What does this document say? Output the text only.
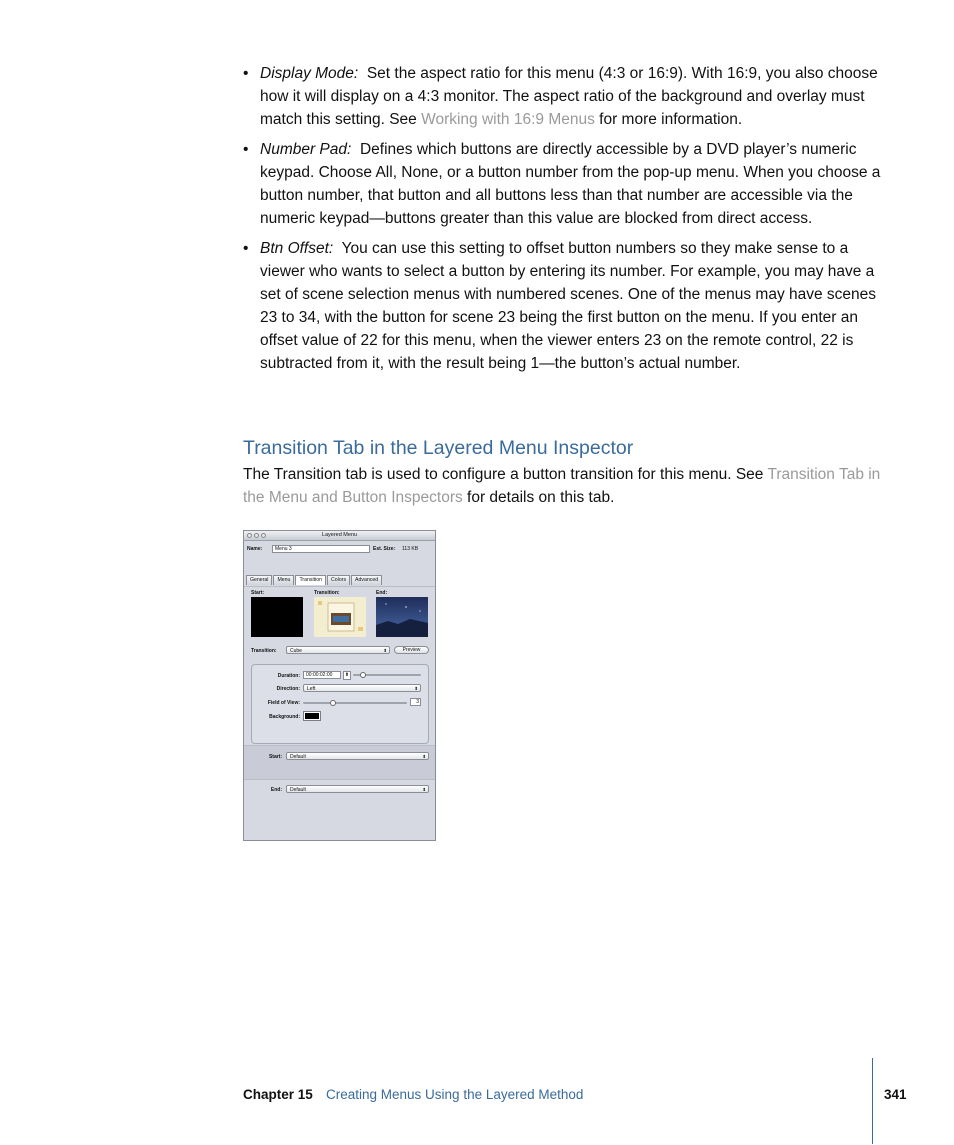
• Display Mode: Set the aspect ratio for this menu (4:3 or 16:9). With 16:9, you also choose how it will display on a 4:3 monitor. The aspect ratio of the background and overlay must match this setting. See Working with 16:9 Menus for more information.
• Number Pad: Defines which buttons are directly accessible by a DVD player’s numeric keypad. Choose All, None, or a button number from the pop-up menu. When you choose a button number, that button and all buttons less than that number are accessible via the numeric keypad—buttons greater than this value are blocked from direct access.
• Btn Offset: You can use this setting to offset button numbers so they make sense to a viewer who wants to select a button by entering its number. For example, you may have a set of scene selection menus with numbered scenes. One of the menus may have scenes 23 to 34, with the button for scene 23 being the first button on the menu. If you enter an offset value of 22 for this menu, when the viewer enters 23 on the remote control, 22 is subtracted from it, with the result being 1—the button’s actual number.
Transition Tab in the Layered Menu Inspector

The Transition tab is used to configure a button transition for this menu. See Transition Tab in the Menu and Button Inspectors for details on this tab.

Layered Menu
Name:	Menu 3	Est. Size: 113 KB
General	Menu	Transition	Colors	Advanced
Start:	Transition:	End:
Transition:	Cube	⬍	Preview
Duration:	00:00:02:00	⬍
Direction:	Left	⬍
Field of View:	3
Background:
Start:	Default	⬍
End:	Default	⬍
Chapter 15 Creating Menus Using the Layered Method	341
